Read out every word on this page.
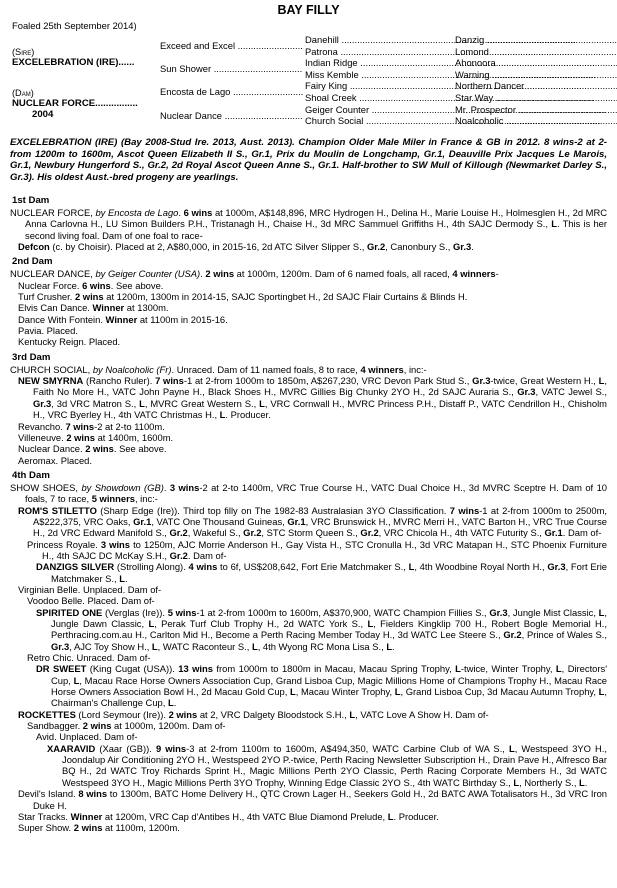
BAY FILLY
Foaled 25th September 2014)
(Sire)
EXCELEBRATION (IRE)......
(Dam)
NUCLEAR FORCE................
2004
Exceed and Excel .....
Sun Shower .....
Encosta de Lago .....
Nuclear Dance .....
Danehill .....
Patrona .....
Indian Ridge .....
Miss Kemble .....
Fairy King .....
Shoal Creek .....
Geiger Counter .....
Church Social .....
Danzig .....
Lomond .....
Ahonoora .....
Warning .....
Northern Dancer .....
Star Way .....
Mr. Prospector .....
Noalcoholic .....
EXCELEBRATION (IRE) (Bay 2008-Stud Ire. 2013, Aust. 2013). Champion Older Male Miler in France & GB in 2012. 8 wins-2 at 2-from 1200m to 1600m, Ascot Queen Elizabeth II S., Gr.1, Prix du Moulin de Longchamp, Gr.1, Deauville Prix Jacques Le Marois, Gr.1, Newbury Hungerford S., Gr.2, 2d Royal Ascot Queen Anne S., Gr.1. Half-brother to SW Mull of Killough (Newmarket Darley S., Gr.3). His oldest Aust.-bred progeny are yearlings.
1st Dam
NUCLEAR FORCE, by Encosta de Lago. 6 wins at 1000m, A$148,896, MRC Hydrogen H., Delina H., Marie Louise H., Holmesglen H., 2d MRC Anna Carlovna H., LU Simon Builders P.H., Tristanagh H., Chaise H., 3d MRC Sammuel Griffiths H., 4th SAJC Dermody S., L. This is her second living foal. Dam of one foal to race-
Defcon (c. by Choisir). Placed at 2, A$80,000, in 2015-16, 2d ATC Silver Slipper S., Gr.2, Canonbury S., Gr.3.
2nd Dam
NUCLEAR DANCE, by Geiger Counter (USA). 2 wins at 1000m, 1200m. Dam of 6 named foals, all raced, 4 winners-
Nuclear Force. 6 wins. See above.
Turf Crusher. 2 wins at 1200m, 1300m in 2014-15, SAJC Sportingbet H., 2d SAJC Flair Curtains & Blinds H.
Elvis Can Dance. Winner at 1300m.
Dance With Fontein. Winner at 1100m in 2015-16.
Pavia. Placed.
Kentucky Reign. Placed.
3rd Dam
CHURCH SOCIAL, by Noalcoholic (Fr). Unraced. Dam of 11 named foals, 8 to race, 4 winners, inc:-
NEW SMYRNA (Rancho Ruler). 7 wins-1 at 2-from 1000m to 1850m, A$267,230, VRC Devon Park Stud S., Gr.3-twice, Great Western H., L, Faith No More H., VATC John Payne H., Black Shoes H., MVRC Gillies Big Chunky 2YO H., 2d SAJC Auraria S., Gr.3, VATC Jewel S., Gr.3, 3d VRC Matron S., L, MVRC Great Western S., L, VRC Cornwall H., MVRC Princess P.H., Distaff P., VATC Cendrillon H., Chisholm H., VRC Byerley H., 4th VATC Christmas H., L. Producer.
Revancho. 7 wins-2 at 2-to 1100m.
Villeneuve. 2 wins at 1400m, 1600m.
Nuclear Dance. 2 wins. See above.
Aeromax. Placed.
4th Dam
SHOW SHOES, by Showdown (GB). 3 wins-2 at 2-to 1400m, VRC True Course H., VATC Dual Choice H., 3d MVRC Sceptre H. Dam of 10 foals, 7 to race, 5 winners, inc:-
ROM'S STILETTO (Sharp Edge (Ire)). Third top filly on The 1982-83 Australasian 3YO Classification. 7 wins-1 at 2-from 1000m to 2500m, A$222,375, VRC Oaks, Gr.1, VATC One Thousand Guineas, Gr.1, VRC Brunswick H., MVRC Merri H., VATC Barton H., VRC True Course H., 2d VRC Edward Manifold S., Gr.2, Wakeful S., Gr.2, STC Storm Queen S., Gr.2, VRC Chicola H., 4th VATC Futurity S., Gr.1. Dam of-
Princess Royale. 3 wins to 1250m, AJC Morrie Anderson H., Gay Vista H., STC Cronulla H., 3d VRC Matapan H., STC Phoenix Furniture H., 4th SAJC DC McKay S.H., Gr.2. Dam of-
DANZIGS SILVER (Strolling Along). 4 wins to 6f, US$208,642, Fort Erie Matchmaker S., L, 4th Woodbine Royal North H., Gr.3, Fort Erie Matchmaker S., L.
Virginian Belle. Unplaced. Dam of-
Voodoo Belle. Placed. Dam of-
SPIRITED ONE (Verglas (Ire)). 5 wins-1 at 2-from 1000m to 1600m, A$370,900, WATC Champion Fillies S., Gr.3, Jungle Mist Classic, L, Jungle Dawn Classic, L, Perak Turf Club Trophy H., 2d WATC York S., L, Fielders Kingklip 700 H., Robert Bogle Memorial H., Perthracing.com.au H., Carlton Mid H., Become a Perth Racing Member Today H., 3d WATC Lee Steere S., Gr.2, Prince of Wales S., Gr.3, AJC Toy Show H., L, WATC Raconteur S., L, 4th Wyong RC Mona Lisa S., L.
Retro Chic. Unraced. Dam of-
DR SWEET (King Cugat (USA)). 13 wins from 1000m to 1800m in Macau, Macau Spring Trophy, L-twice, Winter Trophy, L, Directors' Cup, L, Macau Race Horse Owners Association Cup, Grand Lisboa Cup, Magic Millions Home of Champions Trophy H., Macau Race Horse Owners Association Bowl H., 2d Macau Gold Cup, L, Macau Winter Trophy, L, Grand Lisboa Cup, 3d Macau Autumn Trophy, L, Chairman's Challenge Cup, L.
ROCKETTES (Lord Seymour (Ire)). 2 wins at 2, VRC Dalgety Bloodstock S.H., L, VATC Love A Show H. Dam of-
Sandbagger. 2 wins at 1000m, 1200m. Dam of-
Avid. Unplaced. Dam of-
XAARAVID (Xaar (GB)). 9 wins-3 at 2-from 1100m to 1600m, A$494,350, WATC Carbine Club of WA S., L, Westspeed 3YO H., Joondalup Air Conditioning 2YO H., Westspeed 2YO P.-twice, Perth Racing Newsletter Subscription H., Drain Pave H., Alfresco Bar BQ H., 2d WATC Troy Richards Sprint H., Magic Millions Perth 2YO Classic, Perth Racing Corporate Members H., 3d WATC Westspeed 3YO H., Magic Millions Perth 3YO Trophy, Winning Edge Classic 2YO S., 4th WATC Birthday S., L, Northerly S., L.
Devil's Island. 8 wins to 1300m, BATC Home Delivery H., QTC Crown Lager H., Seekers Gold H., 2d BATC AWA Totalisators H., 3d VRC Iron Duke H.
Star Tracks. Winner at 1200m, VRC Cap d'Antibes H., 4th VATC Blue Diamond Prelude, L. Producer.
Super Show. 2 wins at 1100m, 1200m.
